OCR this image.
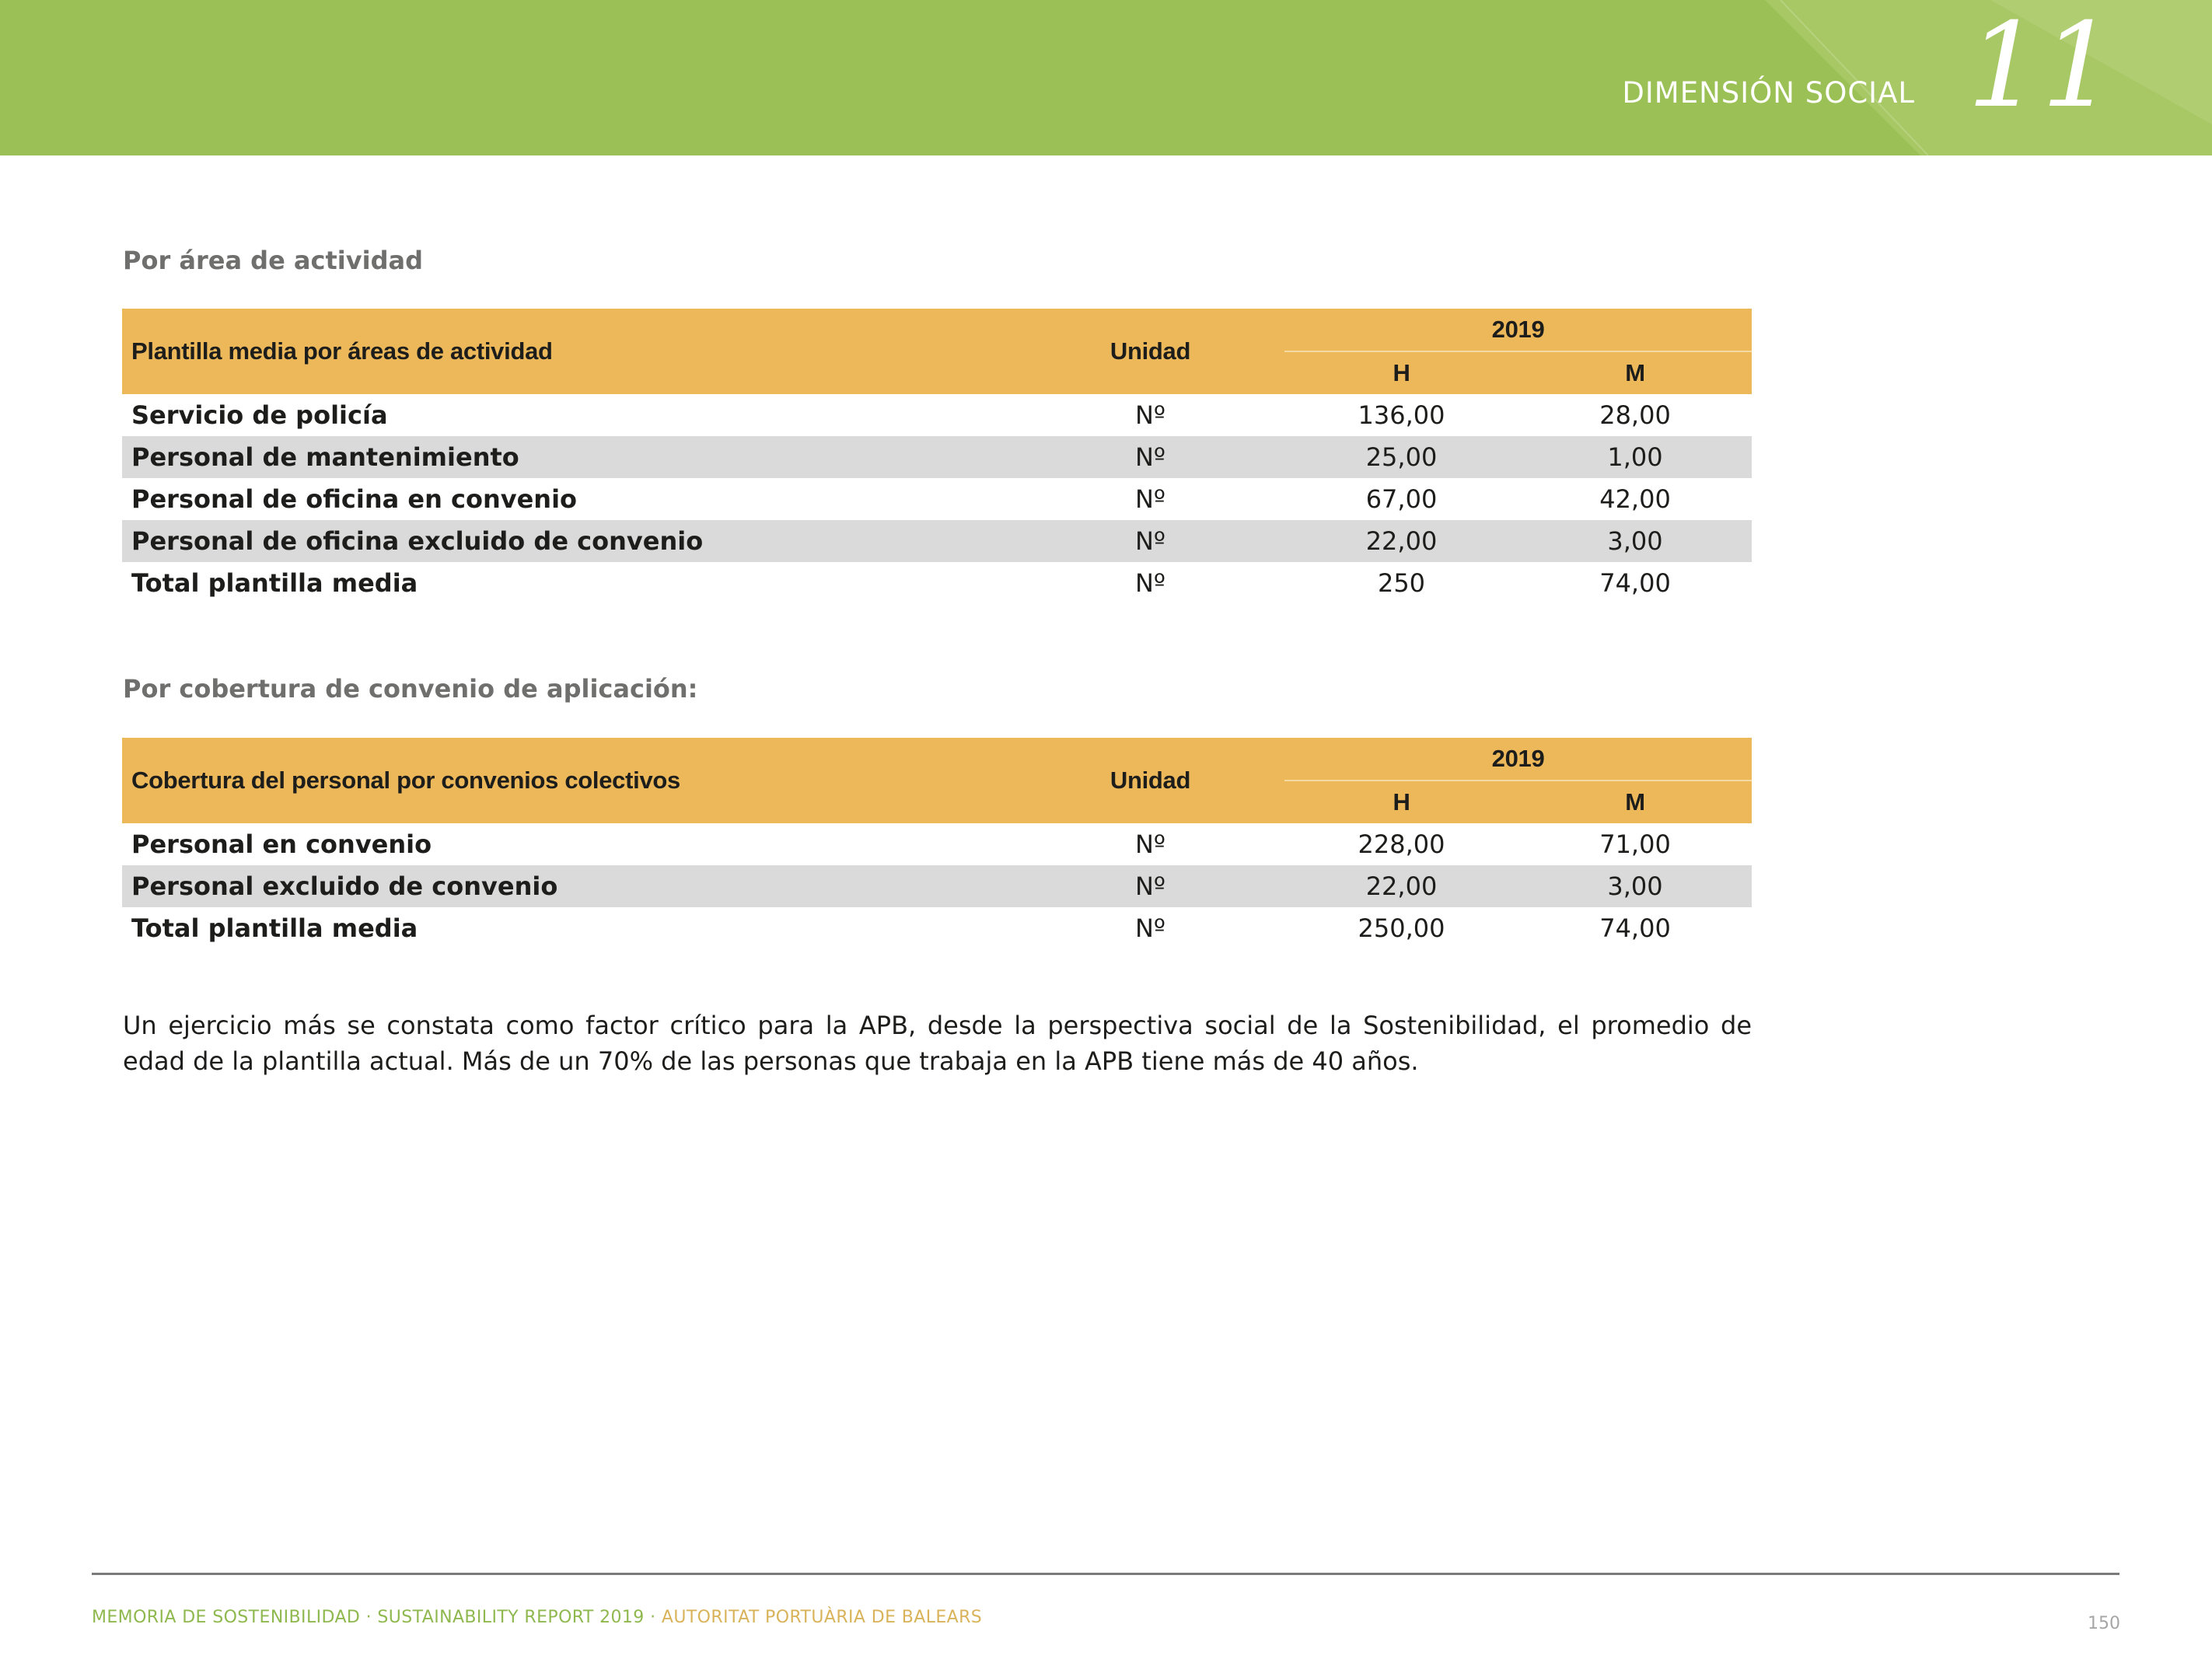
DIMENSIÓN SOCIAL 11
Por área de actividad
Plantilla media por áreas de actividad	Unidad	2019	
		H	M
Servicio de policía	Nº	136,00	28,00
Personal de mantenimiento	Nº	25,00	1,00
Personal de oficina en convenio	Nº	67,00	42,00
Personal de oficina excluido de convenio	Nº	22,00	3,00
Total plantilla media	Nº	250	74,00
Por cobertura de convenio de aplicación:
Cobertura del personal por convenios colectivos	Unidad	2019	
		H	M
Personal en convenio	Nº	228,00	71,00
Personal excluido de convenio	Nº	22,00	3,00
Total plantilla media	Nº	250,00	74,00
Un ejercicio más se constata como factor crítico para la APB, desde la perspectiva social de la Sostenibilidad, el promedio de edad de la plantilla actual. Más de un 70% de las personas que trabaja en la APB tiene más de 40 años.
MEMORIA DE SOSTENIBILIDAD · SUSTAINABILITY REPORT 2019 · AUTORITAT PORTUÀRIA DE BALEARS	150
